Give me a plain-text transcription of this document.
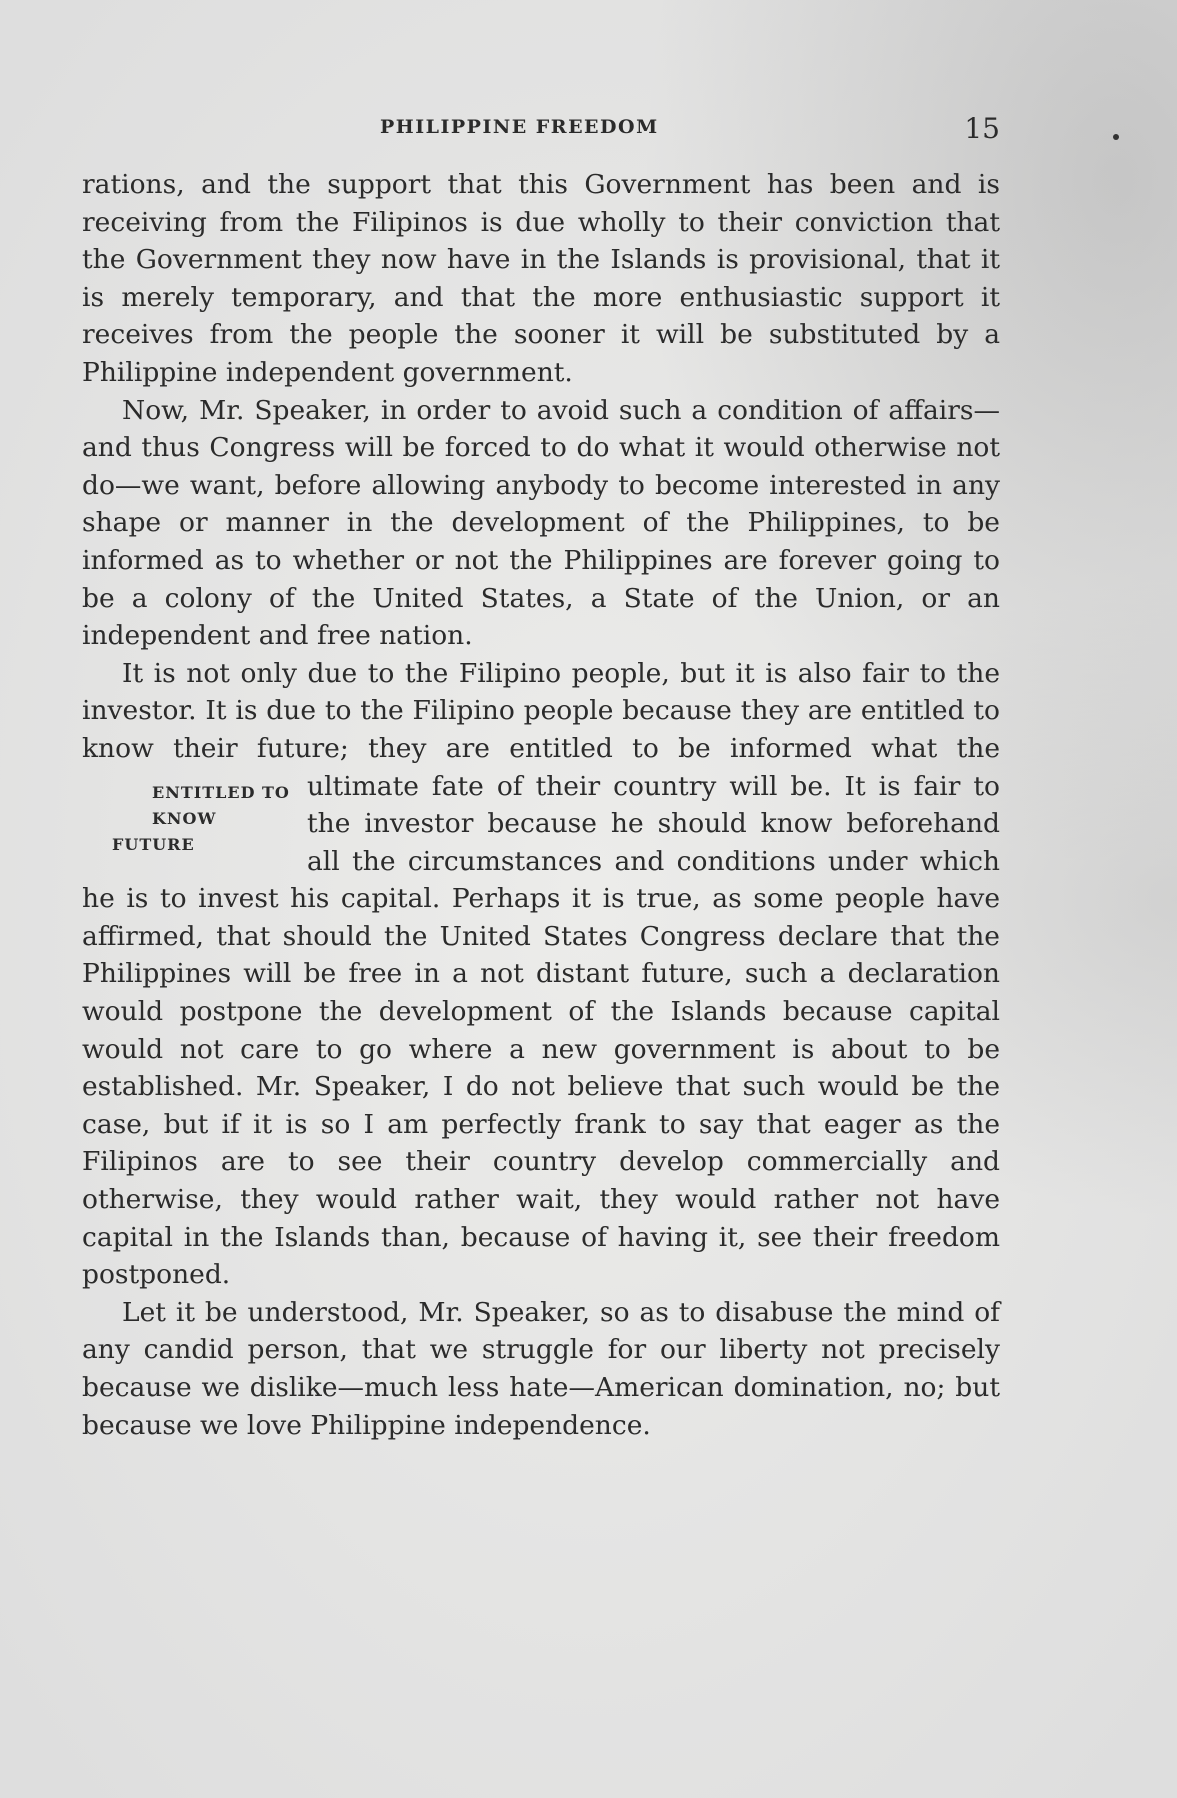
PHILIPPINE FREEDOM	15

rations, and the support that this Government has been and is receiving from the Filipinos is due wholly to their conviction that the Government they now have in the Islands is provisional, that it is merely temporary, and that the more enthusiastic support it receives from the people the sooner it will be substituted by a Philippine independent government.

Now, Mr. Speaker, in order to avoid such a condition of affairs—and thus Congress will be forced to do what it would otherwise not do—we want, before allowing anybody to become interested in any shape or manner in the development of the Philippines, to be informed as to whether or not the Philippines are forever going to be a colony of the United States, a State of the Union, or an independent and free nation.

ENTITLED TO
KNOW FUTURE
It is not only due to the Filipino people, but it is also fair to the investor. It is due to the Filipino people because they are entitled to know their future; they are entitled to be informed what the ultimate fate of their country will be. It is fair to the investor because he should know beforehand all the circumstances and conditions under which he is to invest his capital. Perhaps it is true, as some people have affirmed, that should the United States Congress declare that the Philippines will be free in a not distant future, such a declaration would postpone the development of the Islands because capital would not care to go where a new government is about to be established. Mr. Speaker, I do not believe that such would be the case, but if it is so I am perfectly frank to say that eager as the Filipinos are to see their country develop commercially and otherwise, they would rather wait, they would rather not have capital in the Islands than, because of having it, see their freedom postponed.

Let it be understood, Mr. Speaker, so as to disabuse the mind of any candid person, that we struggle for our liberty not precisely because we dislike—much less hate—American domination, no; but because we love Philippine independence.
